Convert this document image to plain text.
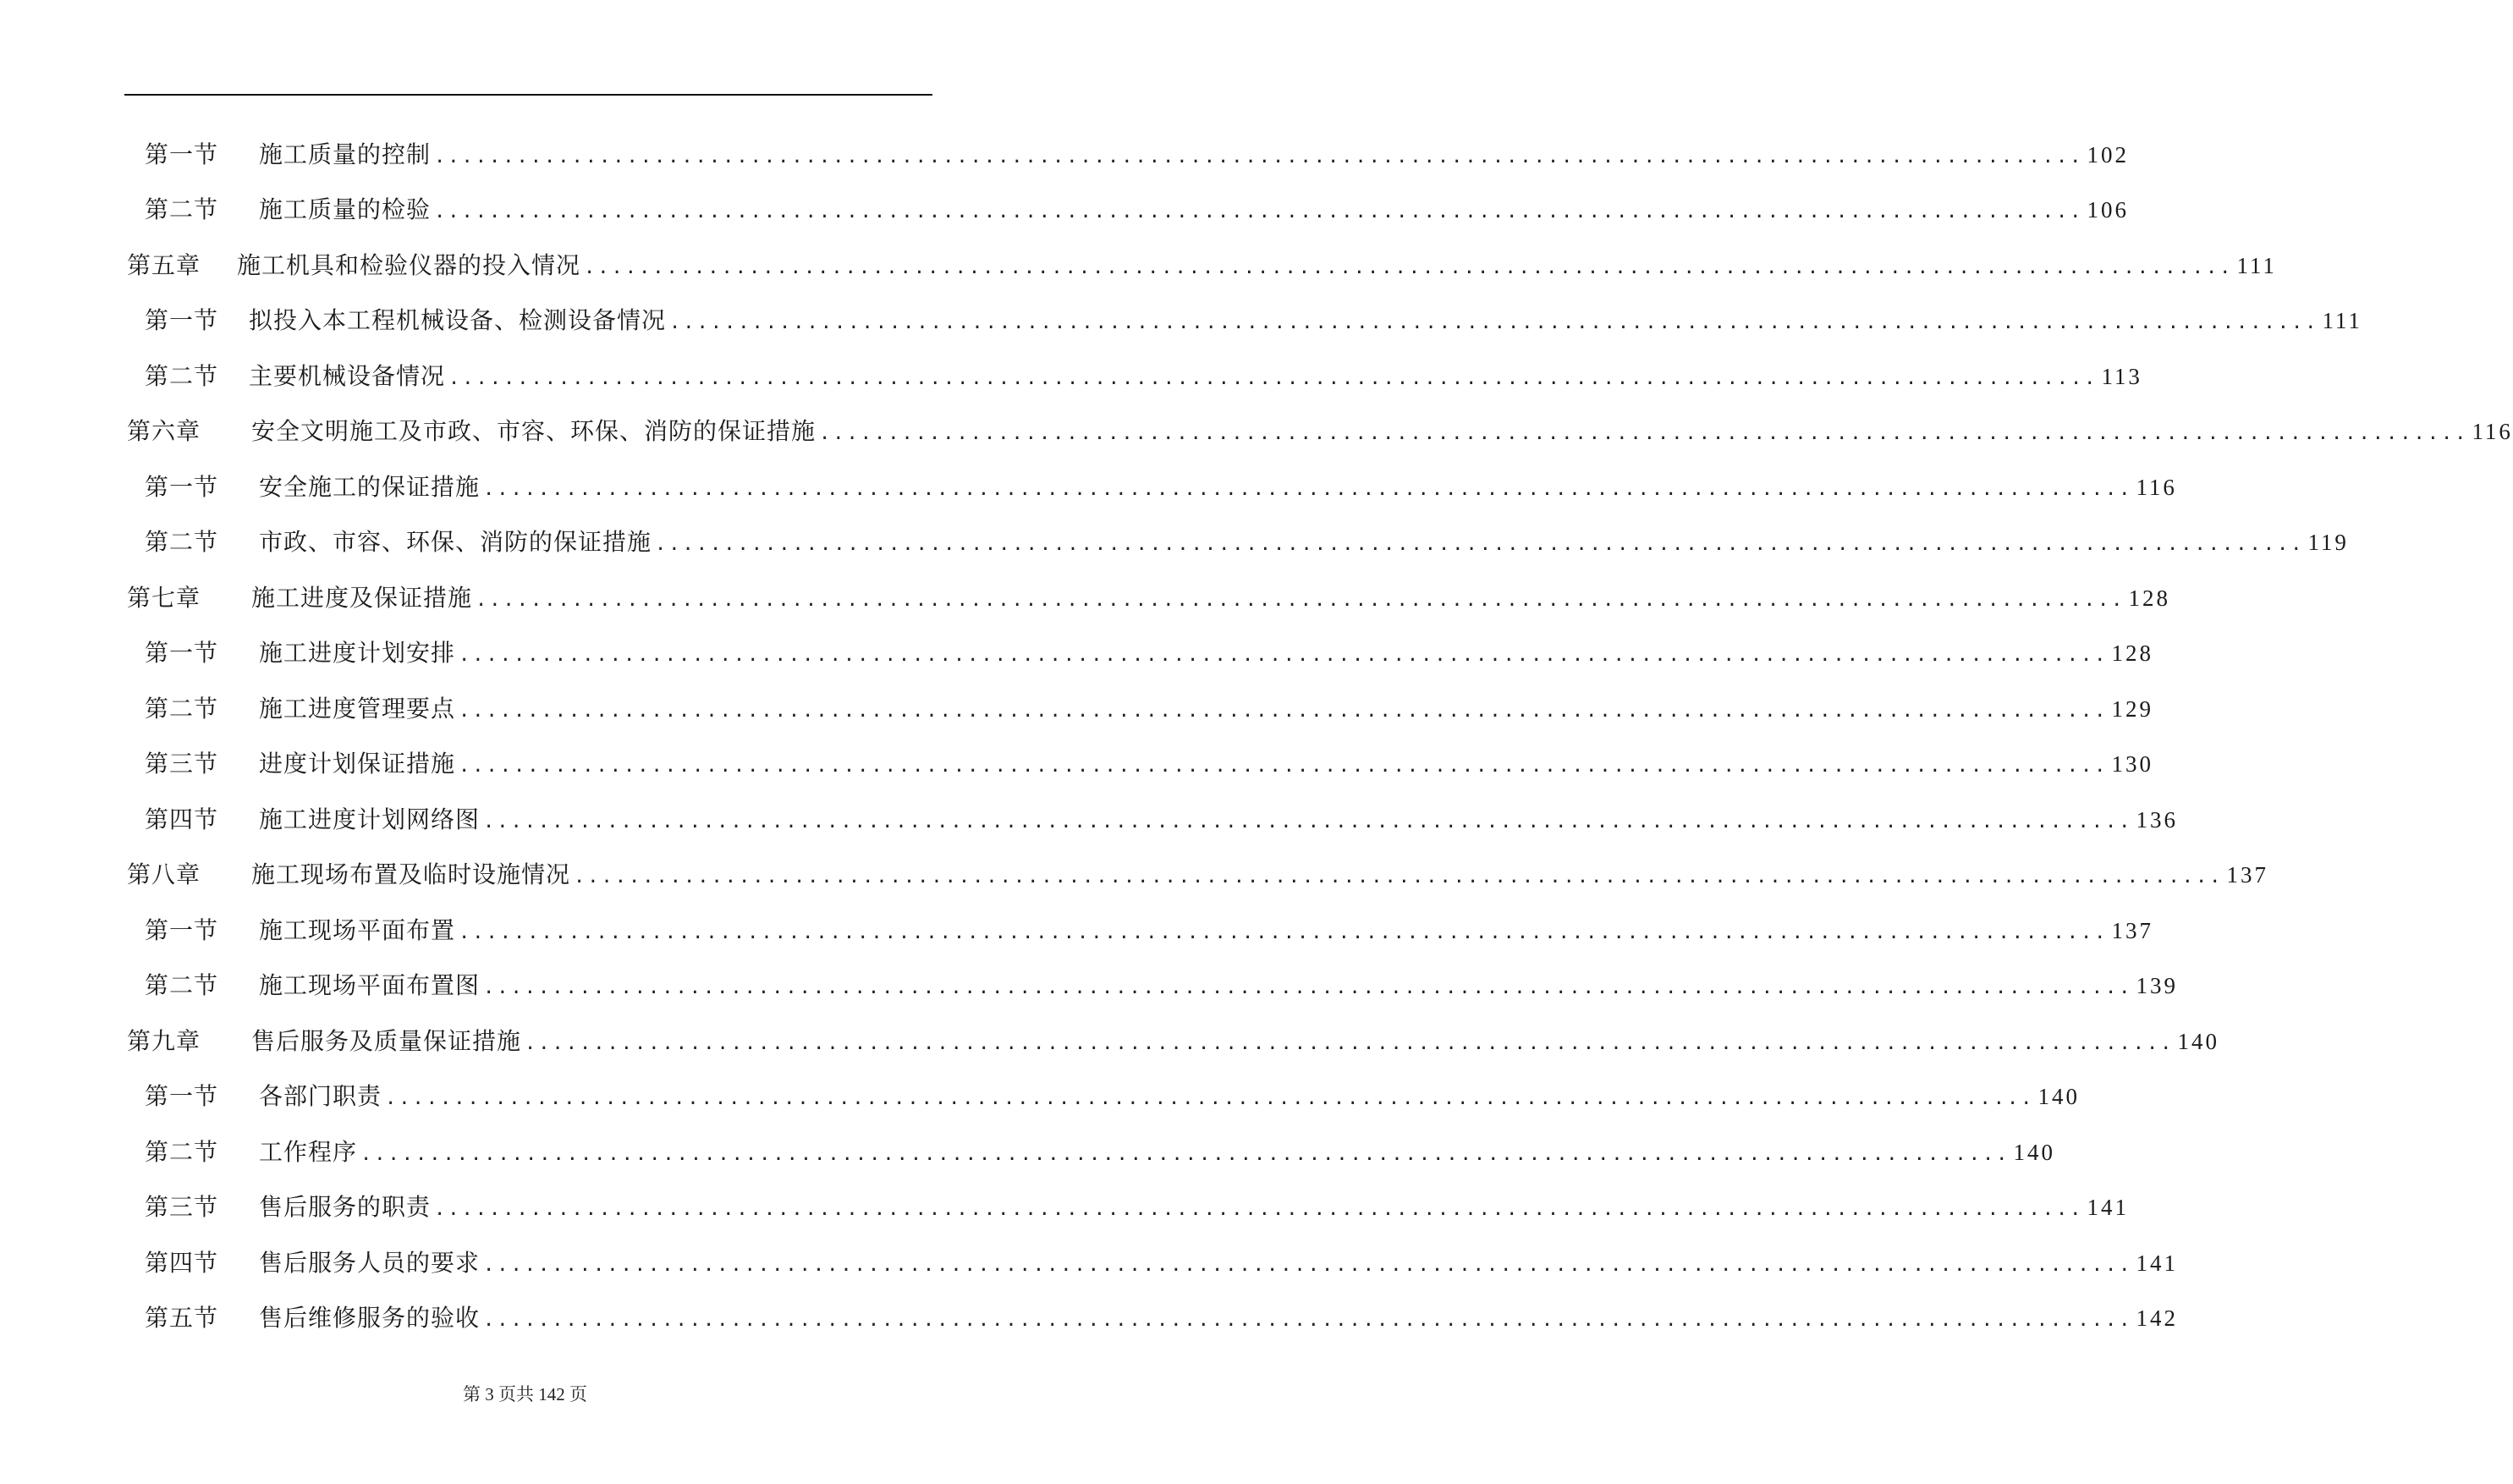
第一节 施工质量的控制 ........................................................................................................................ 102
第二节 施工质量的检验 ........................................................................................................................ 106
第五章 施工机具和检验仪器的投入情况 ........................................................................................................................ 111
第一节 拟投入本工程机械设备、检测设备情况 ........................................................................................................................ 111
第二节 主要机械设备情况 ........................................................................................................................ 113
第六章 安全文明施工及市政、市容、环保、消防的保证措施 ........................................................................................................................ 116
第一节 安全施工的保证措施 ........................................................................................................................ 116
第二节 市政、市容、环保、消防的保证措施 ........................................................................................................................ 119
第七章 施工进度及保证措施 ........................................................................................................................ 128
第一节 施工进度计划安排 ........................................................................................................................ 128
第二节 施工进度管理要点 ........................................................................................................................ 129
第三节 进度计划保证措施 ........................................................................................................................ 130
第四节 施工进度计划网络图 ........................................................................................................................ 136
第八章 施工现场布置及临时设施情况 ........................................................................................................................ 137
第一节 施工现场平面布置 ........................................................................................................................ 137
第二节 施工现场平面布置图 ........................................................................................................................ 139
第九章 售后服务及质量保证措施 ........................................................................................................................ 140
第一节 各部门职责 ........................................................................................................................ 140
第二节 工作程序 ........................................................................................................................ 140
第三节 售后服务的职责 ........................................................................................................................ 141
第四节 售后服务人员的要求 ........................................................................................................................ 141
第五节 售后维修服务的验收 ........................................................................................................................ 142
第 3 页共 142 页
